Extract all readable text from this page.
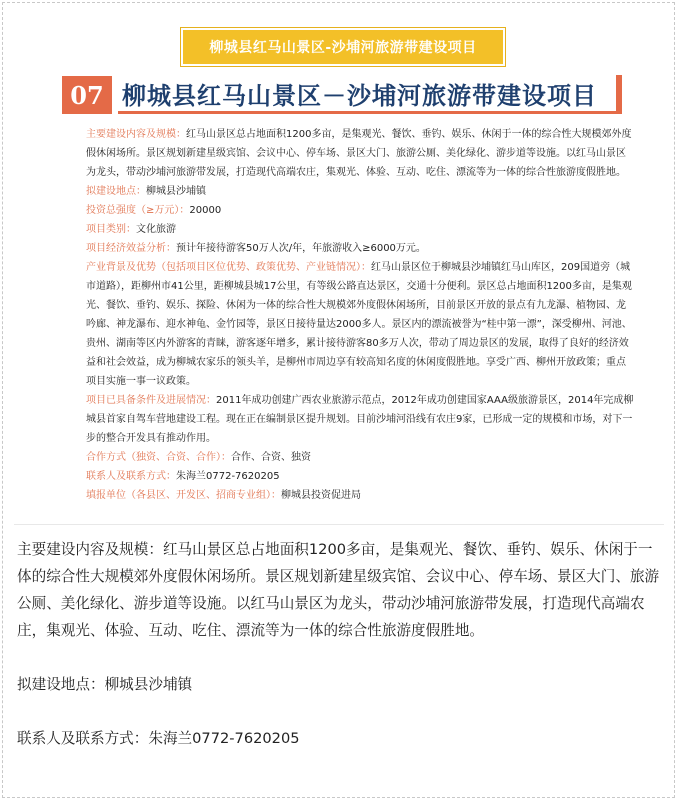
柳城县红马山景区-沙埔河旅游带建设项目
07 柳城县红马山景区－沙埔河旅游带建设项目

主要建设内容及规模：红马山景区总占地面积1200多亩，是集观光、餐饮、垂钓、娱乐、休闲于一体的综合性大规模郊外度假休闲场所。景区规划新建星级宾馆、会议中心、停车场、景区大门、旅游公厕、美化绿化、游步道等设施。以红马山景区为龙头，带动沙埔河旅游带发展，打造现代高端农庄，集观光、体验、互动、吃住、漂流等为一体的综合性旅游度假胜地。

拟建设地点：柳城县沙埔镇

投资总强度（≥万元）：20000

项目类别：文化旅游

项目经济效益分析：预计年接待游客50万人次/年，年旅游收入≥6000万元。

产业背景及优势（包括项目区位优势、政策优势、产业链情况）：红马山景区位于柳城县沙埔镇红马山库区，209国道旁（城市道路），距柳州市41公里，距柳城县城17公里，有等级公路直达景区，交通十分便利。景区总占地面积1200多亩，是集观光、餐饮、垂钓、娱乐、探险、休闲为一体的综合性大规模郊外度假休闲场所，目前景区开放的景点有九龙瀑、植物园、龙吟廊、神龙瀑布、迎水神龟、金竹园等，景区日接待量达2000多人。景区内的漂流被誉为“桂中第一漂”，深受柳州、河池、贵州、湖南等区内外游客的青睐，游客逐年增多，累计接待游客80多万人次，带动了周边景区的发展，取得了良好的经济效益和社会效益，成为柳城农家乐的领头羊，是柳州市周边享有较高知名度的休闲度假胜地。享受广西、柳州开放政策；重点项目实施一事一议政策。

项目已具备条件及进展情况：2011年成功创建广西农业旅游示范点，2012年成功创建国家AAA级旅游景区，2014年完成柳城县首家自驾车营地建设工程。现在正在编制景区提升规划。目前沙埔河沿线有农庄9家，已形成一定的规模和市场，对下一步的整合开发具有推动作用。

合作方式（独资、合资、合作）：合作、合资、独资

联系人及联系方式：朱海兰0772-7620205

填报单位（各县区、开发区、招商专业组）：柳城县投资促进局

主要建设内容及规模：红马山景区总占地面积1200多亩，是集观光、餐饮、垂钓、娱乐、休闲于一体的综合性大规模郊外度假休闲场所。景区规划新建星级宾馆、会议中心、停车场、景区大门、旅游公厕、美化绿化、游步道等设施。以红马山景区为龙头，带动沙埔河旅游带发展，打造现代高端农庄，集观光、体验、互动、吃住、漂流等为一体的综合性旅游度假胜地。

拟建设地点：柳城县沙埔镇

联系人及联系方式：朱海兰0772-7620205
